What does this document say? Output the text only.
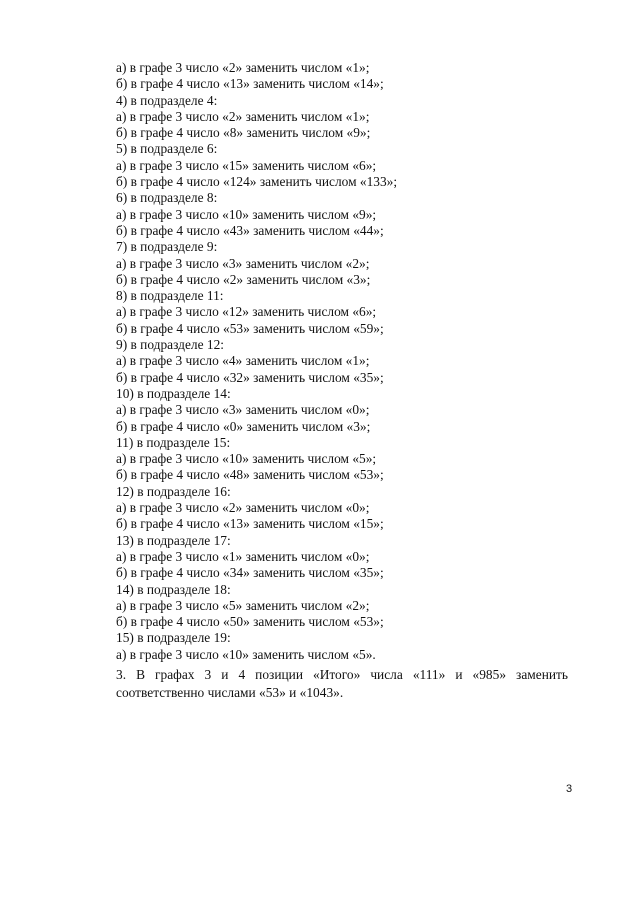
а) в графе 3 число «2» заменить числом «1»;
б) в графе 4 число «13» заменить числом «14»;
4) в подразделе 4:
а) в графе 3 число «2» заменить числом «1»;
б) в графе 4 число «8» заменить числом «9»;
5) в подразделе 6:
а) в графе 3 число «15» заменить числом «6»;
б) в графе 4 число «124» заменить числом «133»;
6) в подразделе 8:
а) в графе 3 число «10» заменить числом «9»;
б) в графе 4 число «43» заменить числом «44»;
7) в подразделе 9:
а) в графе 3 число «3» заменить числом «2»;
б) в графе 4 число «2» заменить числом «3»;
8) в подразделе 11:
а) в графе 3 число «12» заменить числом «6»;
б) в графе 4 число «53» заменить числом «59»;
9) в подразделе 12:
а) в графе 3 число «4» заменить числом «1»;
б) в графе 4 число «32» заменить числом «35»;
10) в подразделе 14:
а) в графе 3 число «3» заменить числом «0»;
б) в графе 4 число «0» заменить числом «3»;
11) в подразделе 15:
а) в графе 3 число «10» заменить числом «5»;
б) в графе 4 число «48» заменить числом «53»;
12) в подразделе 16:
а) в графе 3 число «2» заменить числом «0»;
б) в графе 4 число «13» заменить числом «15»;
13) в подразделе 17:
а) в графе 3 число «1» заменить числом «0»;
б) в графе 4 число «34» заменить числом «35»;
14) в подразделе 18:
а) в графе 3 число «5» заменить числом «2»;
б) в графе 4 число «50» заменить числом «53»;
15) в подразделе 19:
а) в графе 3 число «10» заменить числом «5».

3. В графах 3 и 4 позиции «Итого» числа «111» и «985» заменить
соответственно числами «53» и «1043».

3
